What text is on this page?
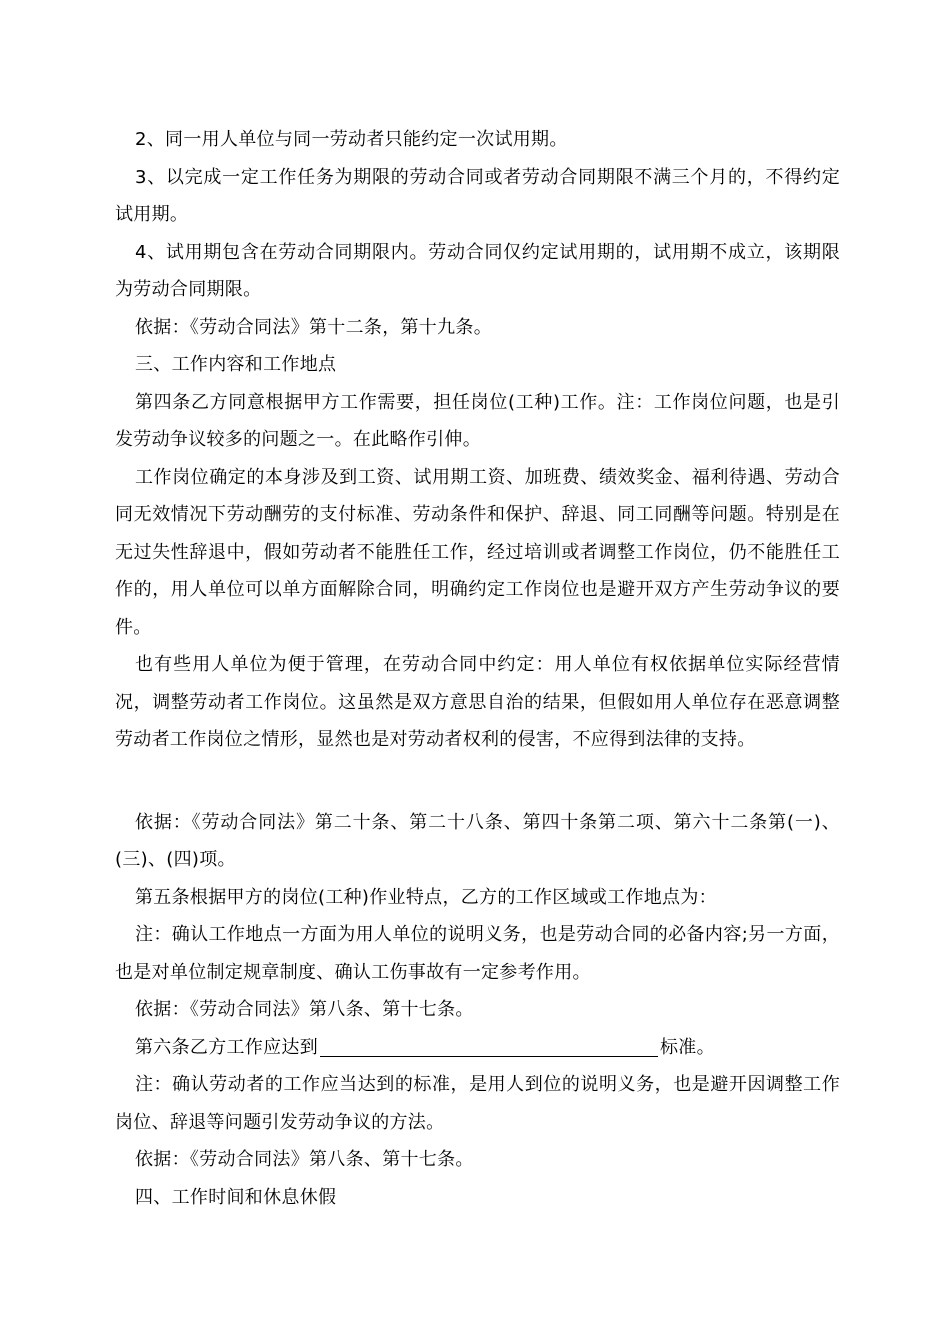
2、同一用人单位与同一劳动者只能约定一次试用期。

3、以完成一定工作任务为期限的劳动合同或者劳动合同期限不满三个月的，不得约定试用期。

4、试用期包含在劳动合同期限内。劳动合同仅约定试用期的，试用期不成立，该期限为劳动合同期限。

依据：《劳动合同法》第十二条，第十九条。

三、工作内容和工作地点

第四条乙方同意根据甲方工作需要，担任岗位(工种)工作。注：工作岗位问题，也是引发劳动争议较多的问题之一。在此略作引伸。

工作岗位确定的本身涉及到工资、试用期工资、加班费、绩效奖金、福利待遇、劳动合同无效情况下劳动酬劳的支付标准、劳动条件和保护、辞退、同工同酬等问题。特别是在无过失性辞退中，假如劳动者不能胜任工作，经过培训或者调整工作岗位，仍不能胜任工作的，用人单位可以单方面解除合同，明确约定工作岗位也是避开双方产生劳动争议的要件。

也有些用人单位为便于管理，在劳动合同中约定：用人单位有权依据单位实际经营情况，调整劳动者工作岗位。这虽然是双方意思自治的结果，但假如用人单位存在恶意调整劳动者工作岗位之情形，显然也是对劳动者权利的侵害，不应得到法律的支持。

依据：《劳动合同法》第二十条、第二十八条、第四十条第二项、第六十二条第(一)、(三)、(四)项。

第五条根据甲方的岗位(工种)作业特点，乙方的工作区域或工作地点为：

注：确认工作地点一方面为用人单位的说明义务，也是劳动合同的必备内容;另一方面，也是对单位制定规章制度、确认工伤事故有一定参考作用。

依据：《劳动合同法》第八条、第十七条。

第六条乙方工作应达到	标准。

注：确认劳动者的工作应当达到的标准，是用人到位的说明义务，也是避开因调整工作岗位、辞退等问题引发劳动争议的方法。

依据：《劳动合同法》第八条、第十七条。

四、工作时间和休息休假
